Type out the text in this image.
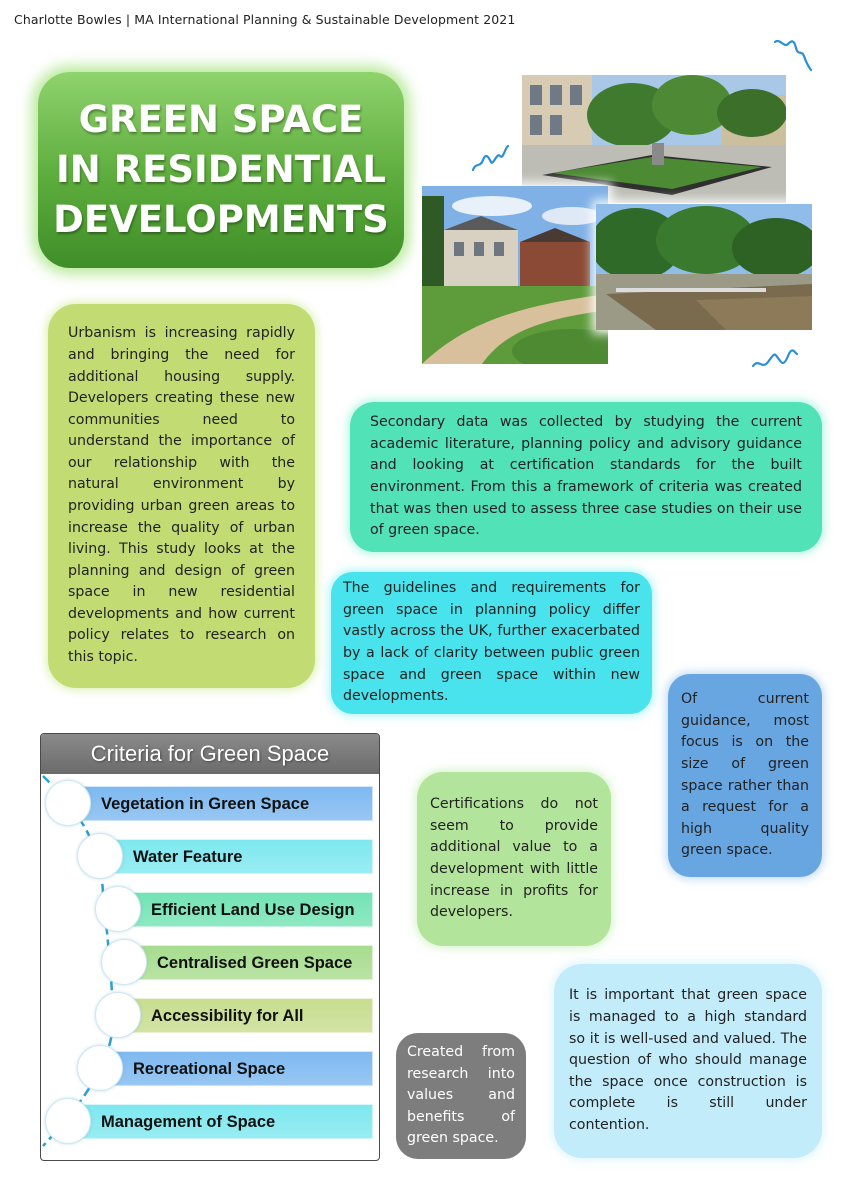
Charlotte Bowles | MA International Planning & Sustainable Development 2021
GREEN SPACE
IN RESIDENTIAL
DEVELOPMENTS

Urbanism is increasing rapidly and bringing the need for additional housing supply. Developers creating these new communities need to understand the importance of our relationship with the natural environment by providing urban green areas to increase the quality of urban living. This study looks at the planning and design of green space in new residential developments and how current policy relates to research on this topic.

Secondary data was collected by studying the current academic literature, planning policy and advisory guidance and looking at certification standards for the built environment. From this a framework of criteria was created that was then used to assess three case studies on their use of green space.

The guidelines and requirements for green space in planning policy differ vastly across the UK, further exacerbated by a lack of clarity between public green space and green space within new developments.	Of current guidance, most focus is on the size of green space rather than a request for a high quality green space.

Certifications do not seem to provide additional value to a development with little increase in profits for developers.

It is important that green space is managed to a high standard so it is well-used and valued. The question of who should manage the space once construction is complete is still under contention.

Created from research into values and benefits of green space.

Criteria for Green Space
Vegetation in Green Space
Water Feature
Efficient Land Use Design
Centralised Green Space
Accessibility for All
Recreational Space
Management of Space
